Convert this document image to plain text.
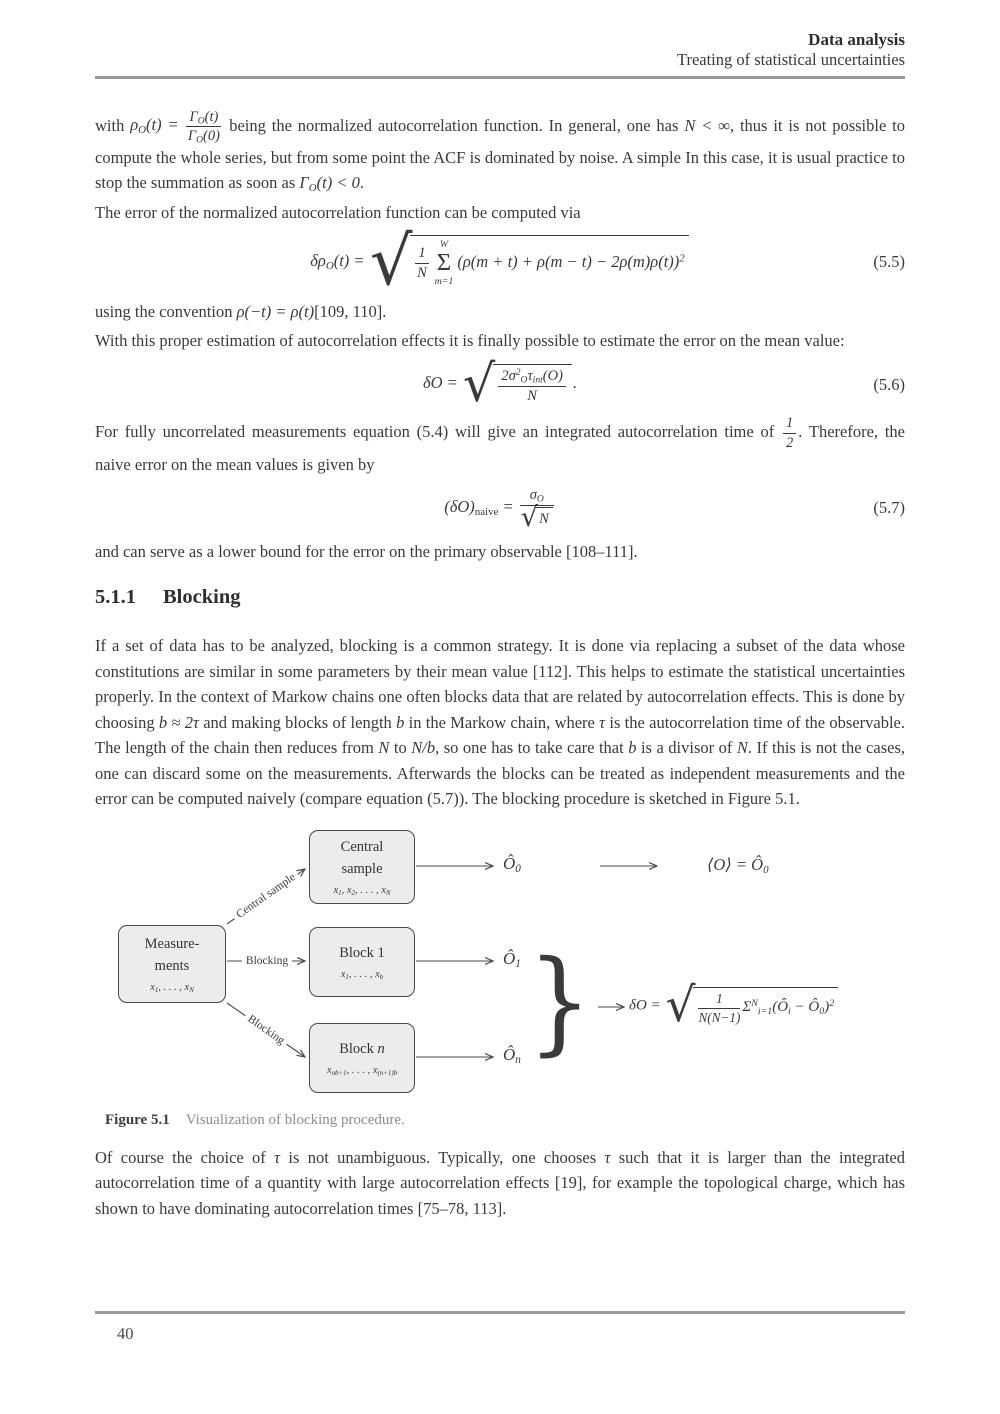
Data analysis
Treating of statistical uncertainties

with $\rho_O(t) = \frac{\Gamma_O(t)}{\Gamma_O(0)}$ being the normalized autocorrelation function. In general, one has N < ∞, thus it is not possible to compute the whole series, but from some point the ACF is dominated by noise. A simple In this case, it is usual practice to stop the summation as soon as $\Gamma_O(t) < 0$.

The error of the normalized autocorrelation function can be computed via

$\delta\rho_O(t)$ = √ $\frac{1}{N}$
W
Σ
m=1
$(\rho(m + t) + \rho(m - t) - 2\rho(m)\rho(t))^2$	(5.5)

using the convention ρ(−t) = ρ(t)[109, 110].

With this proper estimation of autocorrelation effects it is finally possible to estimate the error on the mean value:

δO = √ $\frac{2\sigma^2_O\tau_{int}(O)}{N}$ .	(5.6)

For fully uncorrelated measurements equation (5.4) will give an integrated autocorrelation time of $\frac{1}{2}$ . Therefore, the naive error on the mean values is given by

$(\delta O)_{naive} = \frac{\sigma_O}{√ N}$	(5.7)

and can serve as a lower bound for the error on the primary observable [108–111].

5.1.1 Blocking

If a set of data has to be analyzed, blocking is a common strategy. It is done via replacing a subset of the data whose constitutions are similar in some parameters by their mean value [112]. This helps to estimate the statistical uncertainties properly. In the context of Markow chains one often blocks data that are related by autocorrelation effects. This is done by choosing b ≈ 2τ and making blocks of length b in the Markow chain, where τ is the autocorrelation time of the observable. The length of the chain then reduces from N to N/b, so one has to take care that b is a divisor of N. If this is not the cases, one can discard some on the measurements. Afterwards the blocks can be treated as independent measurements and the error can be computed naively (compare equation (5.7)). The blocking procedure is sketched in Figure 5.1.

Measure-
ments
$x_1$, . . . , $x_N$
Central
sample
$x_1$, $x_2$, . . . , $x_N$
Block 1
$x_1$, . . . , $x_b$
Block n
$x_{nb+1}$, . . . , $x_{(n+1)b}$
Central sample
Blocking
Blocking
$Ô_0$
$Ô_1$
$Ô_n$ }
⟨O⟩ = $Ô_0$
δO = √ $\frac{1}{N(N-1)}$ $\Sigma^N_{i=1}(Ô_i$ − $Ô_0)^2$
Figure 5.1 Visualization of blocking procedure.

Of course the choice of τ is not unambiguous. Typically, one chooses τ such that it is larger than the integrated autocorrelation time of a quantity with large autocorrelation effects [19], for example the topological charge, which has shown to have dominating autocorrelation times [75–78, 113].

40
